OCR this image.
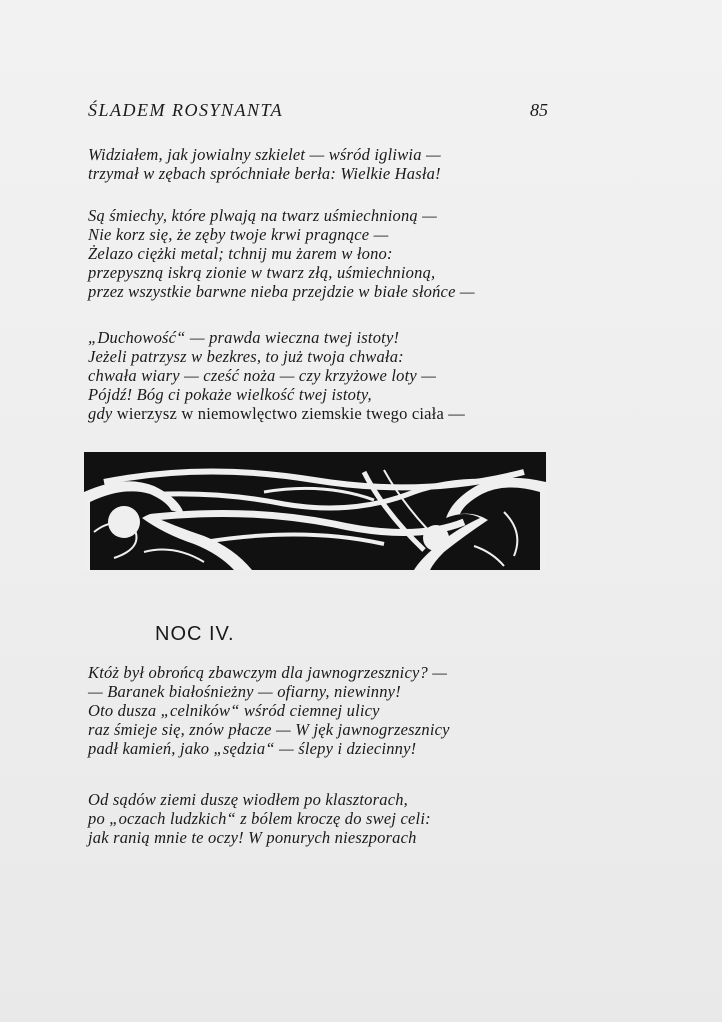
ŚLADEM ROSYNANTA	85
Widziałem, jak jowialny szkielet — wśród igliwia —
trzymał w zębach spróchniałe berła: Wielkie Hasła!
Są śmiechy, które plwają na twarz uśmiechnioną —
Nie korz się, że zęby twoje krwi pragnące —
Żelazo ciężki metal; tchnij mu żarem w łono:
przepyszną iskrą zionie w twarz złą, uśmiechnioną,
przez wszystkie barwne nieba przejdzie w białe słońce —
„Duchowość“ — prawda wieczna twej istoty!
Jeżeli patrzysz w bezkres, to już twoja chwała:
chwała wiary — cześć noża — czy krzyżowe loty —
Pójdź! Bóg ci pokaże wielkość twej istoty,
gdy wierzysz w niemowlęctwo ziemskie twego ciała —
NOC IV.
Któż był obrońcą zbawczym dla jawnogrzesznicy? —
— Baranek białośnieżny — ofiarny, niewinny!
Oto dusza „celników“ wśród ciemnej ulicy
raz śmieje się, znów płacze — W jęk jawnogrzesznicy
padł kamień, jako „sędzia“ — ślepy i dziecinny!
Od sądów ziemi duszę wiodłem po klasztorach,
po „oczach ludzkich“ z bólem kroczę do swej celi:
jak ranią mnie te oczy! W ponurych nieszporach
